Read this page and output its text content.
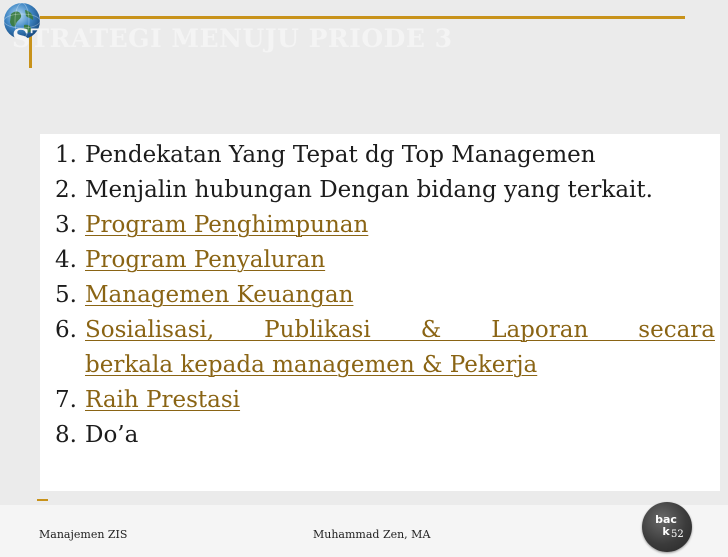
STRATEGI MENUJU PRIODE 3
1. Pendekatan Yang Tepat dg Top Managemen
2. Menjalin hubungan Dengan bidang yang terkait.
3. Program Penghimpunan
4. Program Penyaluran
5. Managemen Keuangan
6. Sosialisasi, Publikasi & Laporan secara
berkala kepada managemen & Pekerja
7. Raih Prestasi
8. Do’a
Manajemen ZIS	Muhammad Zen, MA
back 52
